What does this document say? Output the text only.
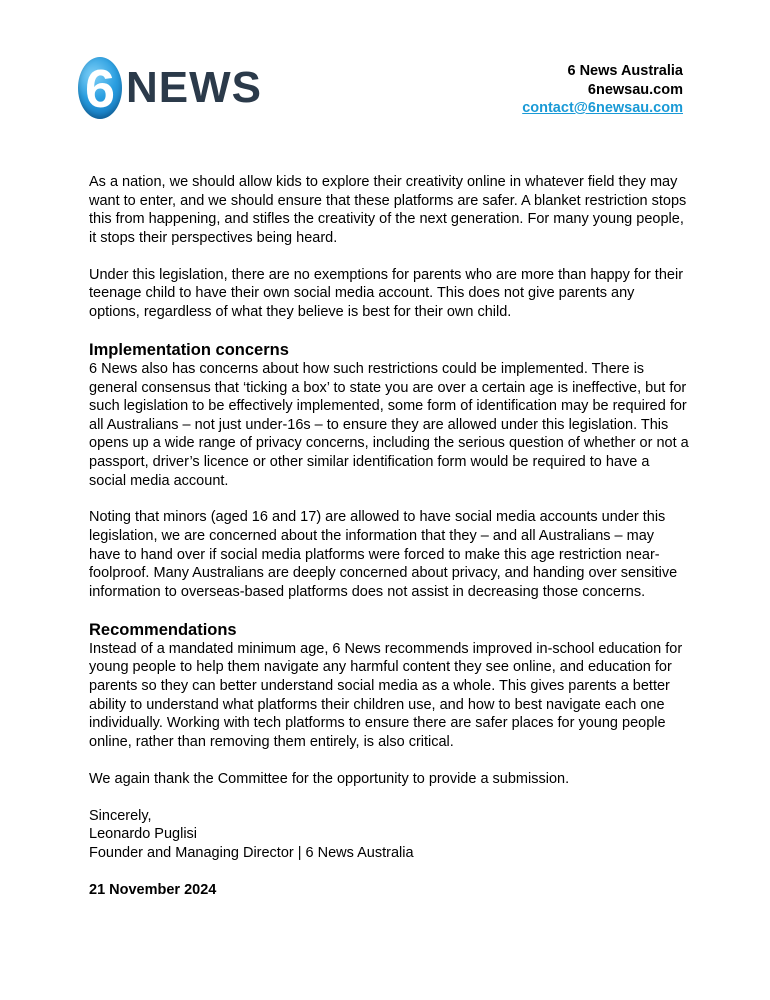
6 NEWS	6 News Australia
6newsau.com
contact@6newsau.com

As a nation, we should allow kids to explore their creativity online in whatever field they may want to enter, and we should ensure that these platforms are safer. A blanket restriction stops this from happening, and stifles the creativity of the next generation. For many young people, it stops their perspectives being heard.

Under this legislation, there are no exemptions for parents who are more than happy for their teenage child to have their own social media account. This does not give parents any options, regardless of what they believe is best for their own child.

Implementation concerns

6 News also has concerns about how such restrictions could be implemented. There is general consensus that ‘ticking a box’ to state you are over a certain age is ineffective, but for such legislation to be effectively implemented, some form of identification may be required for all Australians – not just under-16s – to ensure they are allowed under this legislation. This opens up a wide range of privacy concerns, including the serious question of whether or not a passport, driver’s licence or other similar identification form would be required to have a social media account.

Noting that minors (aged 16 and 17) are allowed to have social media accounts under this legislation, we are concerned about the information that they – and all Australians – may have to hand over if social media platforms were forced to make this age restriction near-foolproof. Many Australians are deeply concerned about privacy, and handing over sensitive information to overseas-based platforms does not assist in decreasing those concerns.

Recommendations

Instead of a mandated minimum age, 6 News recommends improved in-school education for young people to help them navigate any harmful content they see online, and education for parents so they can better understand social media as a whole. This gives parents a better ability to understand what platforms their children use, and how to best navigate each one individually. Working with tech platforms to ensure there are safer places for young people online, rather than removing them entirely, is also critical.

We again thank the Committee for the opportunity to provide a submission.

Sincerely,

Leonardo Puglisi

Founder and Managing Director | 6 News Australia

21 November 2024
